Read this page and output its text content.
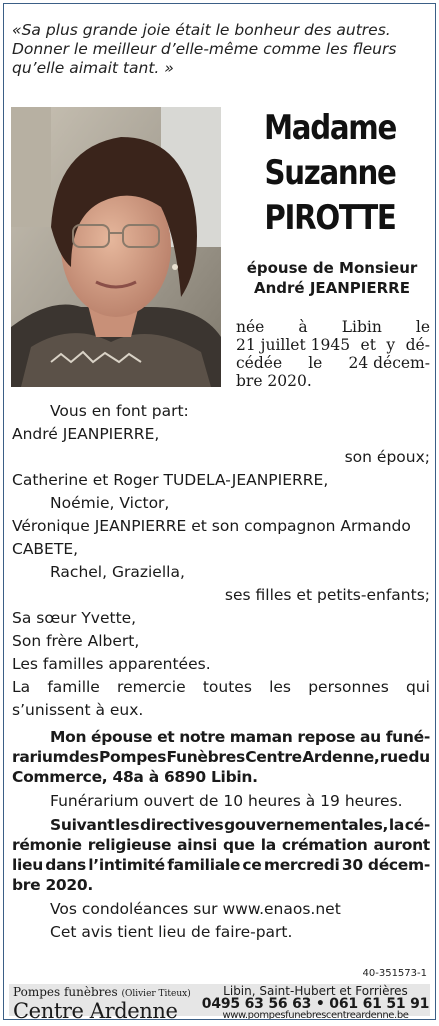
«Sa plus grande joie était le bonheur des autres.
Donner le meilleur d’elle-même comme les fleurs
qu’elle aimait tant. »
Madame
Suzanne
PIROTTE
épouse de Monsieur
André JEANPIERRE
née à Libin le
21 juillet 1945 et y dé-
cédée le 24 décem-
bre 2020.
Vous en font part:
André JEANPIERRE,
son époux;
Catherine et Roger TUDELA-JEANPIERRE,
Noémie, Victor,
Véronique JEANPIERRE et son compagnon Armando
CABETE,
Rachel, Graziella,
ses filles et petits-enfants;
Sa sœur Yvette,
Son frère Albert,
Les familles apparentées.
La famille remercie toutes les personnes qui
s’unissent à eux.
Mon épouse et notre maman repose au funé-
rarium des Pompes Funèbres Centre Ardenne, rue du
Commerce, 48a à 6890 Libin.
Funérarium ouvert de 10 heures à 19 heures.
Suivant les directives gouvernementales, la cé-
rémonie religieuse ainsi que la crémation auront
lieu dans l’intimité familiale ce mercredi 30 décem-
bre 2020.
Vos condoléances sur www.enaos.net
Cet avis tient lieu de faire-part.
40-351573-1
Pompes funèbres (Olivier Titeux)
Centre Ardenne
Libin, Saint-Hubert et Forrières
0495 63 56 63 • 061 61 51 91
www.pompesfunebrescentreardenne.be
